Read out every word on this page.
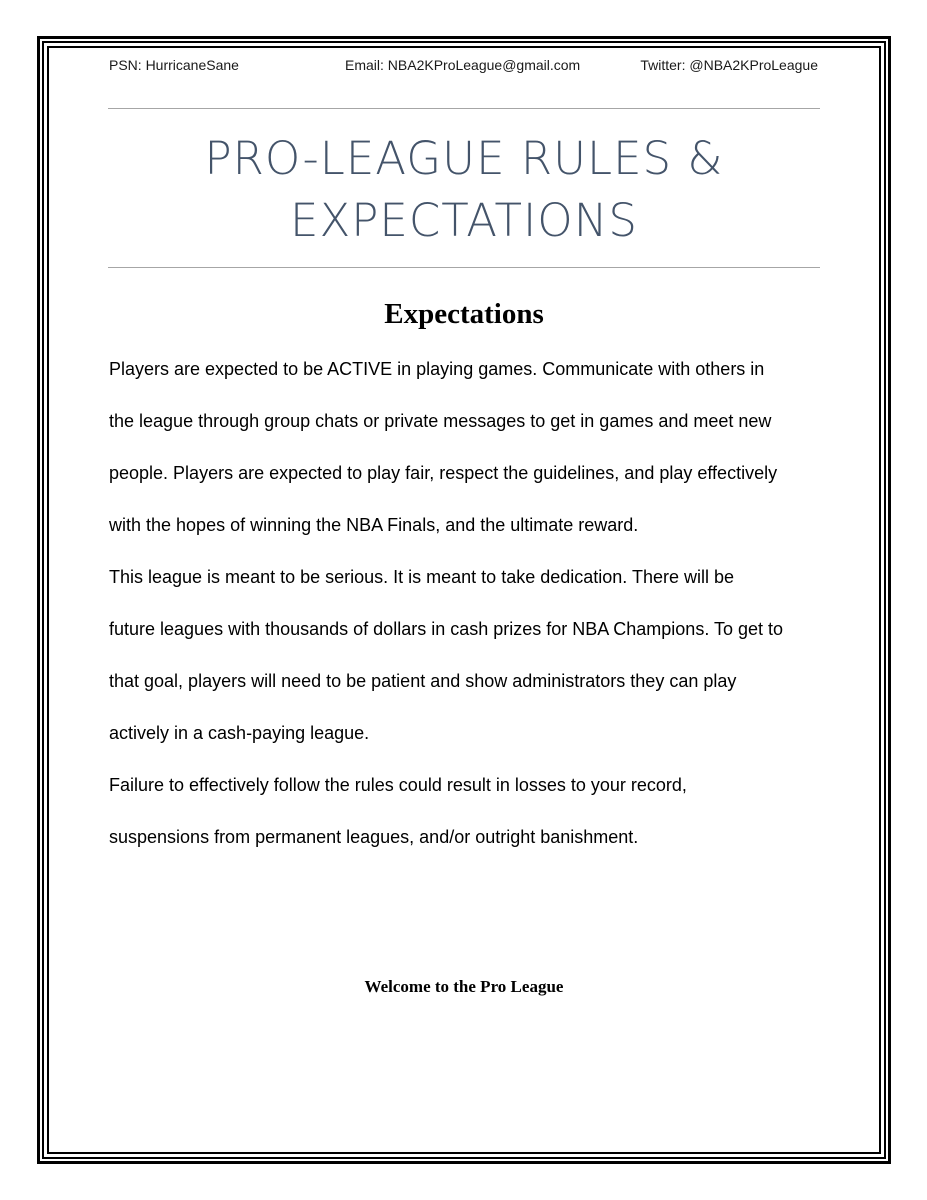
PSN: HurricaneSane	Email: NBA2KProLeague@gmail.com	Twitter: @NBA2KProLeague
PRO-LEAGUE RULES &
EXPECTATIONS
Expectations
Players are expected to be ACTIVE in playing games. Communicate with others in
the league through group chats or private messages to get in games and meet new
people. Players are expected to play fair, respect the guidelines, and play effectively
with the hopes of winning the NBA Finals, and the ultimate reward.
This league is meant to be serious. It is meant to take dedication. There will be
future leagues with thousands of dollars in cash prizes for NBA Champions. To get to
that goal, players will need to be patient and show administrators they can play
actively in a cash-paying league.
Failure to effectively follow the rules could result in losses to your record,
suspensions from permanent leagues, and/or outright banishment.
Welcome to the Pro League
